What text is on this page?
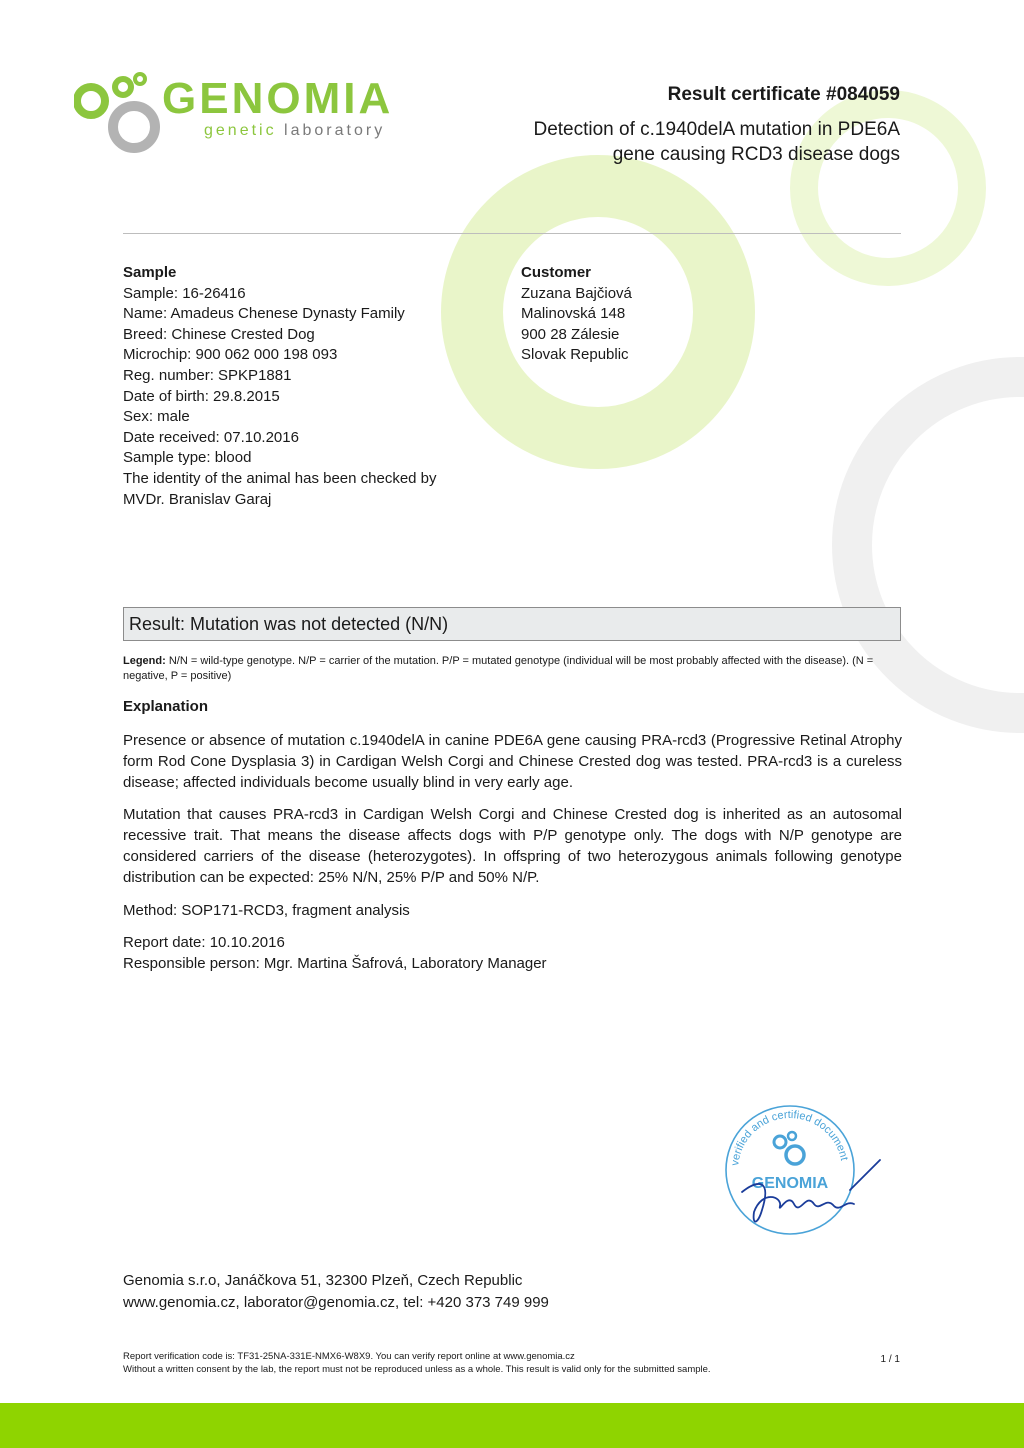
GENOMIA
genetic laboratory
Result certificate #084059
Detection of c.1940delA mutation in PDE6A
gene causing RCD3 disease dogs
Sample
Sample: 16-26416
Name: Amadeus Chenese Dynasty Family
Breed: Chinese Crested Dog
Microchip: 900 062 000 198 093
Reg. number: SPKP1881
Date of birth: 29.8.2015
Sex: male
Date received: 07.10.2016
Sample type: blood
The identity of the animal has been checked by
MVDr. Branislav Garaj
Customer
Zuzana Bajčiová
Malinovská 148
900 28 Zálesie
Slovak Republic
Result: Mutation was not detected (N/N)
Legend: N/N = wild-type genotype. N/P = carrier of the mutation. P/P = mutated genotype (individual will be most probably affected with the disease). (N = negative, P = positive)
Explanation
Presence or absence of mutation c.1940delA in canine PDE6A gene causing PRA-rcd3 (Progressive Retinal Atrophy form Rod Cone Dysplasia 3) in Cardigan Welsh Corgi and Chinese Crested dog was tested. PRA-rcd3 is a cureless disease; affected individuals become usually blind in very early age.
Mutation that causes PRA-rcd3 in Cardigan Welsh Corgi and Chinese Crested dog is inherited as an autosomal recessive trait. That means the disease affects dogs with P/P genotype only. The dogs with N/P genotype are considered carriers of the disease (heterozygotes). In offspring of two heterozygous animals following genotype distribution can be expected: 25% N/N, 25% P/P and 50% N/P.
Method: SOP171-RCD3, fragment analysis
Report date: 10.10.2016
Responsible person: Mgr. Martina Šafrová, Laboratory Manager
verified and certified document
GENOMIA
Genomia s.r.o, Janáčkova 51, 32300 Plzeň, Czech Republic
www.genomia.cz, laborator@genomia.cz, tel: +420 373 749 999
Report verification code is: TF31-25NA-331E-NMX6-W8X9. You can verify report online at www.genomia.cz
Without a written consent by the lab, the report must not be reproduced unless as a whole. This result is valid only for the submitted sample.
1 / 1
